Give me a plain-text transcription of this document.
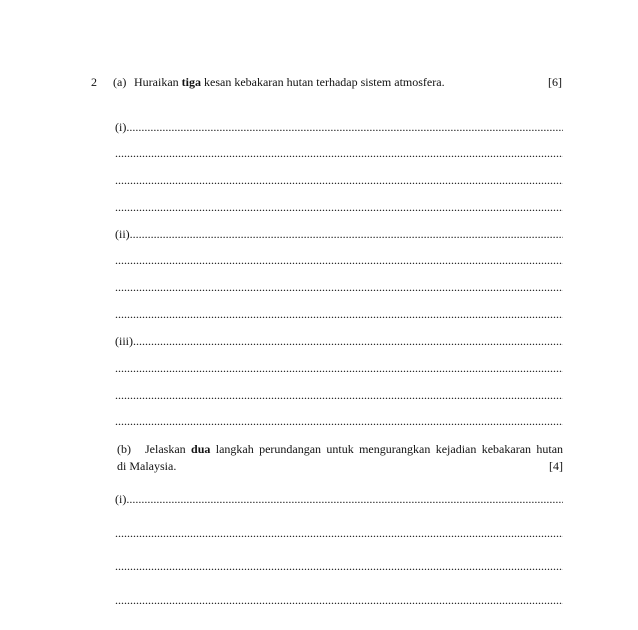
2 (a) Huraikan tiga kesan kebakaran hutan terhadap sistem atmosfera.	[6]
(i)
.....
.....
.....
.....
(ii)
.....
.....
.....
.....
(iii)
.....
.....
.....
.....
(b) Jelaskan dua langkah perundangan untuk mengurangkan kejadian kebakaran hutan
di Malaysia.	[4]
(i)
.....
.....
.....
.....
